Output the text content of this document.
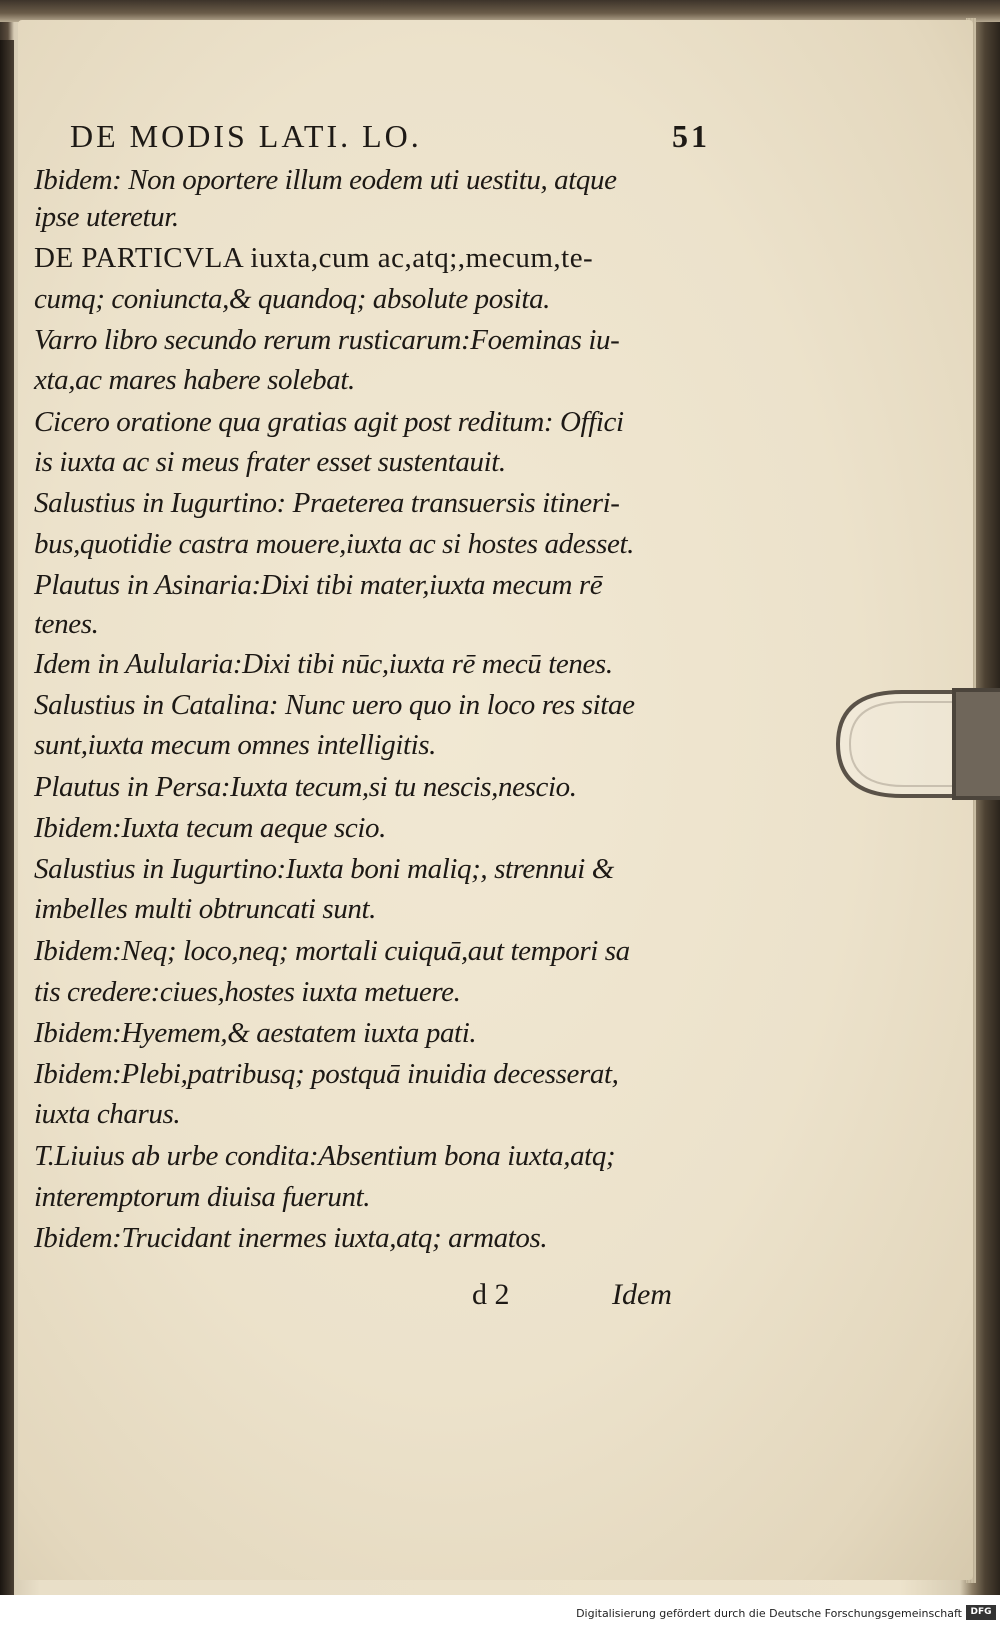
DE MODIS LATI. LO.	51
Ibidem: Non oportere illum eodem uti uestitu, atque
ipse uteretur.
DE PARTICVLA iuxta,cum ac,atq;,mecum,te-
cumq; coniuncta,& quandoq; absolute posita.
Varro libro secundo rerum rusticarum:Foeminas iu-
xta,ac mares habere solebat.
Cicero oratione qua gratias agit post reditum: Offici
is iuxta ac si meus frater esset sustentauit.
Salustius in Iugurtino: Praeterea transuersis itineri-
bus,quotidie castra mouere,iuxta ac si hostes adesset.
Plautus in Asinaria:Dixi tibi mater,iuxta mecum rē
tenes.
Idem in Aulularia:Dixi tibi nūc,iuxta rē mecū tenes.
Salustius in Catalina: Nunc uero quo in loco res sitae
sunt,iuxta mecum omnes intelligitis.
Plautus in Persa:Iuxta tecum,si tu nescis,nescio.
Ibidem:Iuxta tecum aeque scio.
Salustius in Iugurtino:Iuxta boni maliq;, strennui &
imbelles multi obtruncati sunt.
Ibidem:Neq; loco,neq; mortali cuiquā,aut tempori sa
tis credere:ciues,hostes iuxta metuere.
Ibidem:Hyemem,& aestatem iuxta pati.
Ibidem:Plebi,patribusq; postquā inuidia decesserat,
iuxta charus.
T.Liuius ab urbe condita:Absentium bona iuxta,atq;
interemptorum diuisa fuerunt.
Ibidem:Trucidant inermes iuxta,atq; armatos.
d 2	Idem
Digitalisierung gefördert durch die Deutsche Forschungsgemeinschaft DFG
